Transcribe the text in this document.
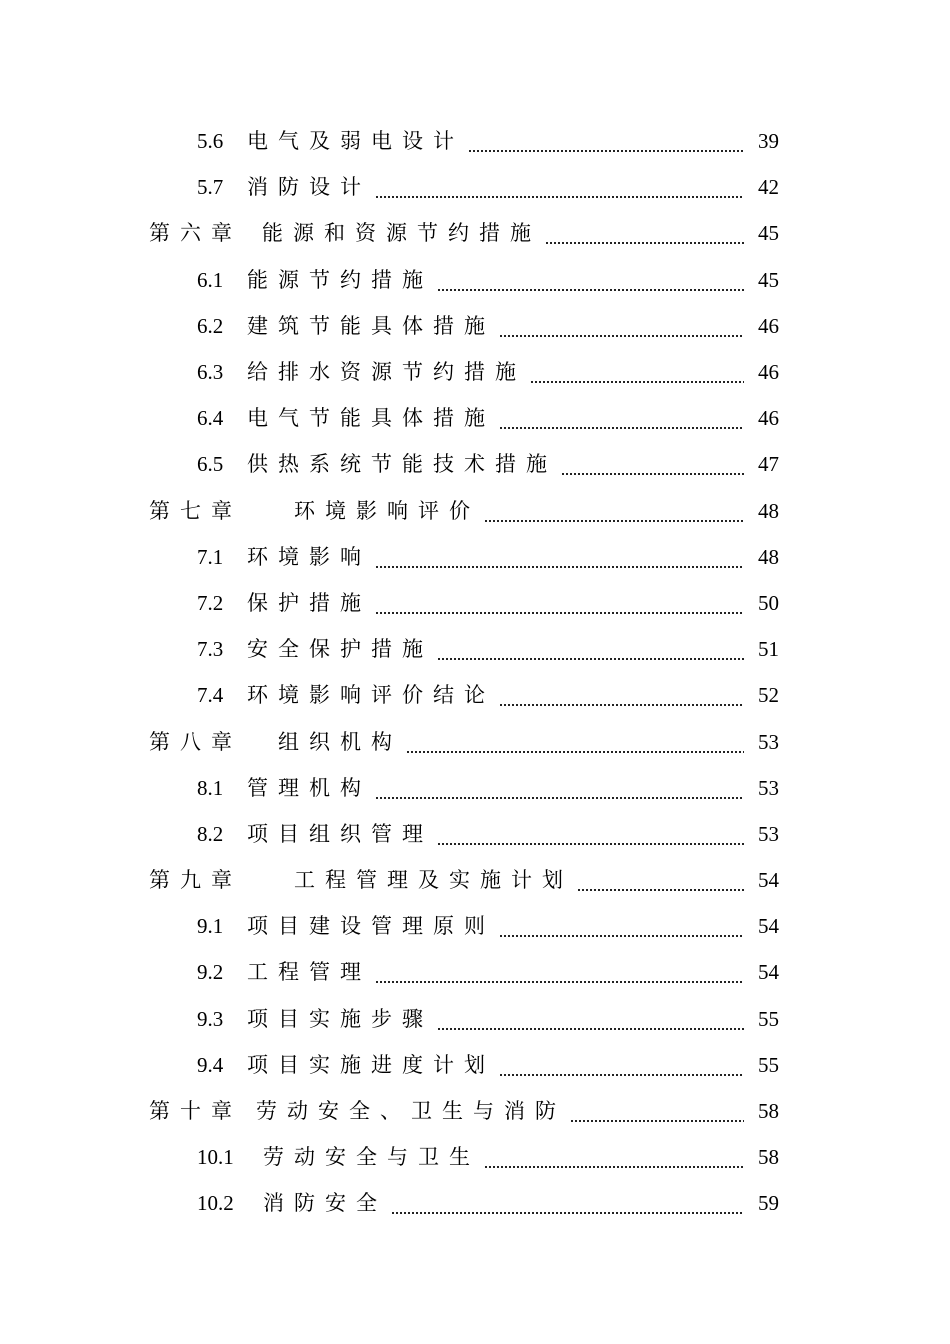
5.6	电气及弱电设计	39
5.7	消防设计	42
第六章 能源和资源节约措施	45
6.1	能源节约措施	45
6.2	建筑节能具体措施	46
6.3	给排水资源节约措施	46
6.4	电气节能具体措施	46
6.5	供热系统节能技术措施	47
第七章 环境影响评价	48
7.1	环境影响	48
7.2	保护措施	50
7.3	安全保护措施	51
7.4	环境影响评价结论	52
第八章 组织机构	53
8.1	管理机构	53
8.2	项目组织管理	53
第九章 工程管理及实施计划	54
9.1	项目建设管理原则	54
9.2	工程管理	54
9.3	项目实施步骤	55
9.4	项目实施进度计划	55
第十章 劳动安全、卫生与消防	58
10.1	劳动安全与卫生	58
10.2	消防安全	59
